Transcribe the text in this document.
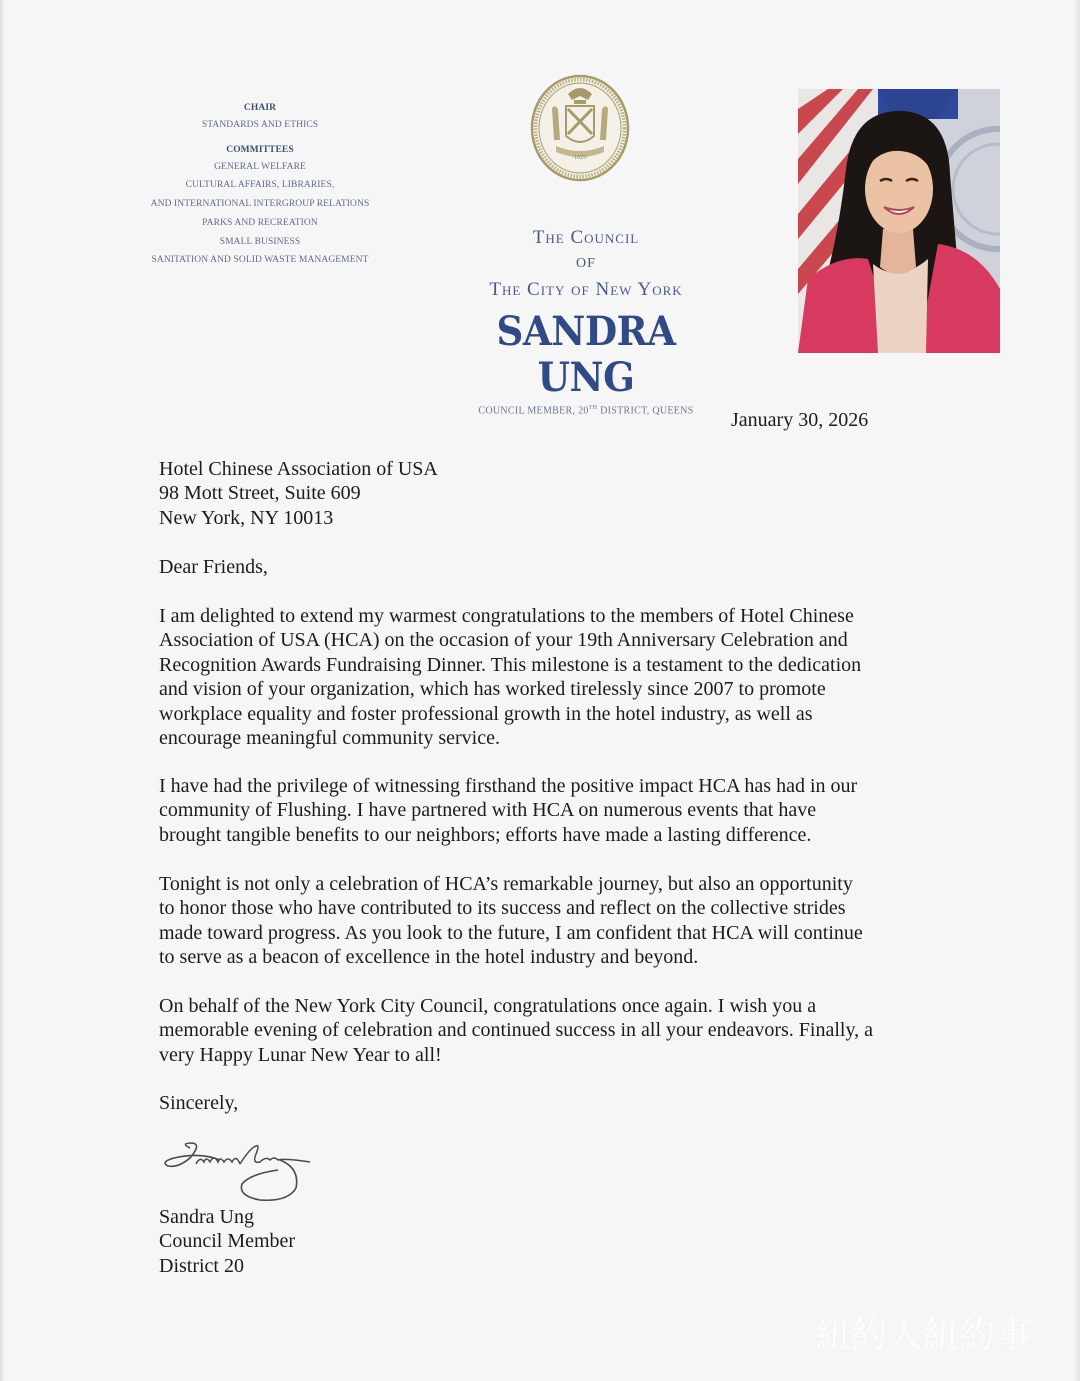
CHAIR
STANDARDS AND ETHICS
COMMITTEES
GENERAL WELFARE
CULTURAL AFFAIRS, LIBRARIES,
AND INTERNATIONAL INTERGROUP RELATIONS
PARKS AND RECREATION
SMALL BUSINESS
SANITATION AND SOLID WASTE MANAGEMENT
·1625·
The Council
OF
The City of New York
SANDRA UNG
COUNCIL MEMBER, 20TH DISTRICT, QUEENS	January 30, 2026
Hotel Chinese Association of USA
98 Mott Street, Suite 609
New York, NY 10013
Dear Friends,
I am delighted to extend my warmest congratulations to the members of Hotel Chinese
Association of USA (HCA) on the occasion of your 19th Anniversary Celebration and
Recognition Awards Fundraising Dinner. This milestone is a testament to the dedication
and vision of your organization, which has worked tirelessly since 2007 to promote
workplace equality and foster professional growth in the hotel industry, as well as
encourage meaningful community service.
I have had the privilege of witnessing firsthand the positive impact HCA has had in our
community of Flushing. I have partnered with HCA on numerous events that have
brought tangible benefits to our neighbors; efforts have made a lasting difference.
Tonight is not only a celebration of HCA’s remarkable journey, but also an opportunity
to honor those who have contributed to its success and reflect on the collective strides
made toward progress. As you look to the future, I am confident that HCA will continue
to serve as a beacon of excellence in the hotel industry and beyond.
On behalf of the New York City Council, congratulations once again. I wish you a
memorable evening of celebration and continued success in all your endeavors. Finally, a
very Happy Lunar New Year to all!
Sincerely,
Sandra Ung
Council Member
District 20
紐約人紐約事
